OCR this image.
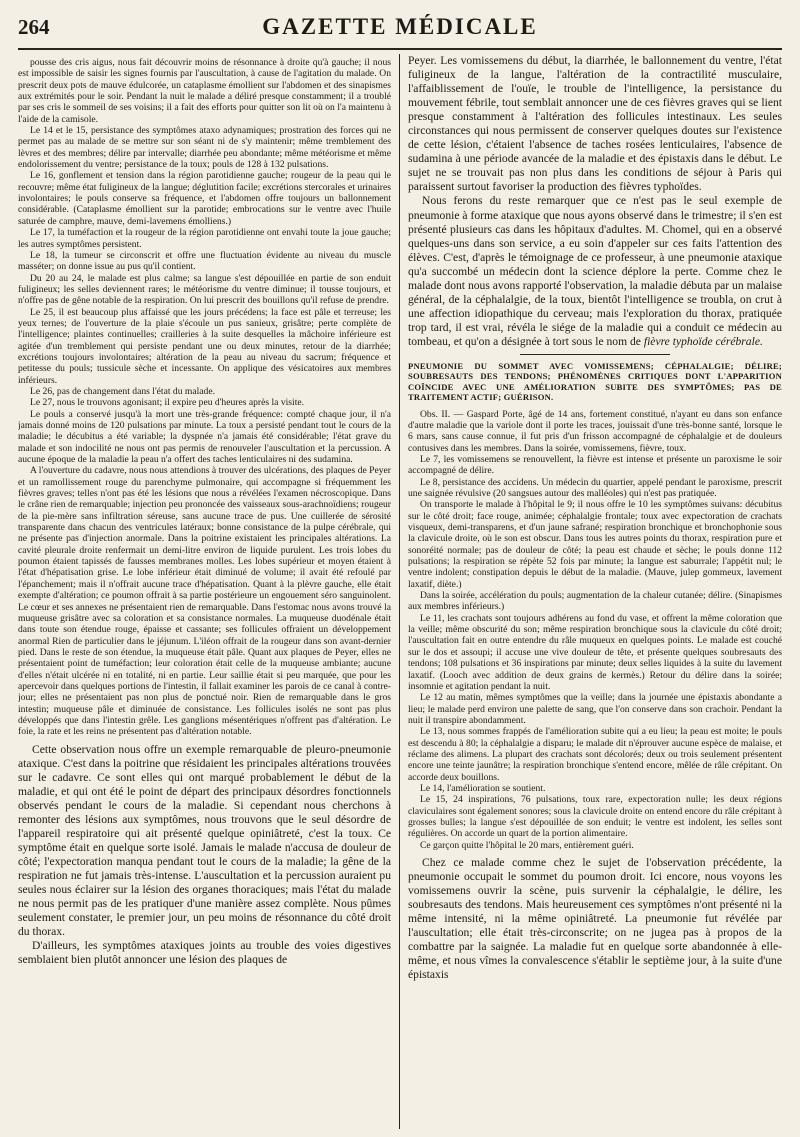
264	GAZETTE MÉDICALE

pousse des cris aigus, nous fait découvrir moins de résonnance à droite qu'à gauche; il nous est impossible de saisir les signes fournis par l'auscultation, à cause de l'agitation du malade. On prescrit deux pots de mauve édulcorée, un cataplasme émollient sur l'abdomen et des sinapismes aux extrémités pour le soir. Pendant la nuit le malade a déliré presque constamment; il a troublé par ses cris le sommeil de ses voisins; il a fait des efforts pour quitter son lit où on l'a maintenu à l'aide de la camisole.

Le 14 et le 15, persistance des symptômes ataxo adynamiques; prostration des forces qui ne permet pas au malade de se mettre sur son séant ni de s'y maintenir; même tremblement des lèvres et des membres; délire par intervalle; diarrhée peu abondante; même météorisme et même endolorissement du ventre; persistance de la toux; pouls de 128 à 132 pulsations.

Le 16, gonflement et tension dans la région parotidienne gauche; rougeur de la peau qui le recouvre; même état fuligineux de la langue; déglutition facile; excrétions stercorales et urinaires involontaires; le pouls conserve sa fréquence, et l'abdomen offre toujours un ballonnement considérable. (Cataplasme émollient sur la parotide; embrocations sur le ventre avec l'huile saturée de camphre, mauve, demi-lavemens émolliens.)

Le 17, la tuméfaction et la rougeur de la région parotidienne ont envahi toute la joue gauche; les autres symptômes persistent.

Le 18, la tumeur se circonscrit et offre une fluctuation évidente au niveau du muscle masséter; on donne issue au pus qu'il contient.

Du 20 au 24, le malade est plus calme; sa langue s'est dépouillée en partie de son enduit fuligineux; les selles deviennent rares; le météorisme du ventre diminue; il tousse toujours, et n'offre pas de gêne notable de la respiration. On lui prescrit des bouillons qu'il refuse de prendre.

Le 25, il est beaucoup plus affaissé que les jours précédens; la face est pâle et terreuse; les yeux ternes; de l'ouverture de la plaie s'écoule un pus sanieux, grisâtre; perte complète de l'intelligence; plaintes continuelles; crailleries à la suite desquelles la mâchoire inférieure est agitée d'un tremblement qui persiste pendant une ou deux minutes, retour de la diarrhée; excrétions toujours involontaires; altération de la peau au niveau du sacrum; fréquence et petitesse du pouls; tussicule sèche et incessante. On applique des vésicatoires aux membres inférieurs.

Le 26, pas de changement dans l'état du malade.

Le 27, nous le trouvons agonisant; il expire peu d'heures après la visite.

Le pouls a conservé jusqu'à la mort une très-grande fréquence: compté chaque jour, il n'a jamais donné moins de 120 pulsations par minute. La toux a persisté pendant tout le cours de la maladie; le décubitus a été variable; la dyspnée n'a jamais été considérable; l'état grave du malade et son indocilité ne nous ont pas permis de renouveler l'auscultation et la percussion. A aucune époque de la maladie la peau n'a offert des taches lenticulaires ni des sudamina.

A l'ouverture du cadavre, nous nous attendions à trouver des ulcérations, des plaques de Peyer et un ramollissement rouge du parenchyme pulmonaire, qui accompagne si fréquemment les fièvres graves; telles n'ont pas été les lésions que nous a révélées l'examen nécroscopique. Dans le crâne rien de remarquable; injection peu prononcée des vaisseaux sous-arachnoïdiens; rougeur de la pie-mère sans infiltration séreuse, sans aucune trace de pus. Une cuillerée de sérosité transparente dans chacun des ventricules latéraux; bonne consistance de la pulpe cérébrale, qui ne présente pas d'injection anormale. Dans la poitrine existaient les principales altérations. La cavité pleurale droite renfermait un demi-litre environ de liquide purulent. Les trois lobes du poumon étaient tapissés de fausses membranes molles. Les lobes supérieur et moyen étaient à l'état d'hépatisation grise. Le lobe inférieur était diminué de volume; il avait été refoulé par l'épanchement; mais il n'offrait aucune trace d'hépatisation. Quant à la plèvre gauche, elle était exempte d'altération; ce poumon offrait à sa partie postérieure un engouement séro sanguinolent. Le cœur et ses annexes ne présentaient rien de remarquable. Dans l'estomac nous avons trouvé la muqueuse grisâtre avec sa coloration et sa consistance normales. La muqueuse duodénale était dans toute son étendue rouge, épaisse et cassante; ses follicules offraient un développement anormal Rien de particulier dans le jéjunum. L'iléon offrait de la rougeur dans son avant-dernier pied. Dans le reste de son étendue, la muqueuse était pâle. Quant aux plaques de Peyer, elles ne présentaient point de tuméfaction; leur coloration était celle de la muqueuse ambiante; aucune d'elles n'était ulcérée ni en totalité, ni en partie. Leur saillie était si peu marquée, que pour les apercevoir dans quelques portions de l'intestin, il fallait examiner les parois de ce canal à contre-jour; elles ne présentaient pas non plus de ponctué noir. Rien de remarquable dans le gros intestin; muqueuse pâle et diminuée de consistance. Les follicules isolés ne sont pas plus développés que dans l'intestin grêle. Les ganglions mésentériques n'offrent pas d'altération. Le foie, la rate et les reins ne présentent pas d'altération notable.

Cette observation nous offre un exemple remarquable de pleuro-pneumonie ataxique. C'est dans la poitrine que résidaient les principales altérations trouvées sur le cadavre. Ce sont elles qui ont marqué probablement le début de la maladie, et qui ont été le point de départ des principaux désordres fonctionnels observés pendant le cours de la maladie. Si cependant nous cherchons à remonter des lésions aux symptômes, nous trouvons que le seul désordre de l'appareil respiratoire qui ait présenté quelque opiniâtreté, c'est la toux. Ce symptôme était en quelque sorte isolé. Jamais le malade n'accusa de douleur de côté; l'expectoration manqua pendant tout le cours de la maladie; la gêne de la respiration ne fut jamais très-intense. L'auscultation et la percussion auraient pu seules nous éclairer sur la lésion des organes thoraciques; mais l'état du malade ne nous permit pas de les pratiquer d'une manière assez complète. Nous pûmes seulement constater, le premier jour, un peu moins de résonnance du côté droit du thorax.

D'ailleurs, les symptômes ataxiques joints au trouble des voies digestives semblaient bien plutôt annoncer une lésion des plaques de

Peyer. Les vomissemens du début, la diarrhée, le ballonnement du ventre, l'état fuligineux de la langue, l'altération de la contractilité musculaire, l'affaiblissement de l'ouïe, le trouble de l'intelligence, la persistance du mouvement fébrile, tout semblait annoncer une de ces fièvres graves qui se lient presque constamment à l'altération des follicules intestinaux. Les seules circonstances qui nous permissent de conserver quelques doutes sur l'existence de cette lésion, c'étaient l'absence de taches rosées lenticulaires, l'absence de sudamina à une période avancée de la maladie et des épistaxis dans le début. Le sujet ne se trouvait pas non plus dans les conditions de séjour à Paris qui paraissent surtout favoriser la production des fièvres typhoïdes.

Nous ferons du reste remarquer que ce n'est pas le seul exemple de pneumonie à forme ataxique que nous ayons observé dans le trimestre; il s'en est présenté plusieurs cas dans les hôpitaux d'adultes. M. Chomel, qui en a observé quelques-uns dans son service, a eu soin d'appeler sur ces faits l'attention des élèves. C'est, d'après le témoignage de ce professeur, à une pneumonie ataxique qu'a succombé un médecin dont la science déplore la perte. Comme chez le malade dont nous avons rapporté l'observation, la maladie débuta par un malaise général, de la céphalalgie, de la toux, bientôt l'intelligence se troubla, on crut à une affection idiopathique du cerveau; mais l'exploration du thorax, pratiquée trop tard, il est vrai, révéla le siége de la maladie qui a conduit ce médecin au tombeau, et qu'on a désignée à tort sous le nom de fièvre typhoïde cérébrale.

PNEUMONIE DU SOMMET AVEC VOMISSEMENS; CÉPHALALGIE; DÉLIRE; SOUBRESAUTS DES TENDONS; PHÉNOMÈNES CRITIQUES DONT L'APPARITION COÏNCIDE AVEC UNE AMÉLIORATION SUBITE DES SYMPTÔMES; PAS DE TRAITEMENT ACTIF; GUÉRISON.

Obs. II. — Gaspard Porte, âgé de 14 ans, fortement constitué, n'ayant eu dans son enfance d'autre maladie que la variole dont il porte les traces, jouissait d'une très-bonne santé, lorsque le 6 mars, sans cause connue, il fut pris d'un frisson accompagné de céphalalgie et de douleurs contusives dans les membres. Dans la soirée, vomissemens, fièvre, toux.

Le 7, les vomissemens se renouvellent, la fièvre est intense et présente un paroxisme le soir accompagné de délire.

Le 8, persistance des accidens. Un médecin du quartier, appelé pendant le paroxisme, prescrit une saignée révulsive (20 sangsues autour des malléoles) qui n'est pas pratiquée.

On transporte le malade à l'hôpital le 9; il nous offre le 10 les symptômes suivans: décubitus sur le côté droit; face rouge, animée; céphalalgie frontale; toux avec expectoration de crachats visqueux, demi-transparens, et d'un jaune safrané; respiration bronchique et bronchophonie sous la clavicule droite, où le son est obscur. Dans tous les autres points du thorax, respiration pure et sonoréité normale; pas de douleur de côté; la peau est chaude et sèche; le pouls donne 112 pulsations; la respiration se répète 52 fois par minute; la langue est saburrale; l'appétit nul; le ventre indolent; constipation depuis le début de la maladie. (Mauve, julep gommeux, lavement laxatif, diète.)

Dans la soirée, accélération du pouls; augmentation de la chaleur cutanée; délire. (Sinapismes aux membres inférieurs.)

Le 11, les crachats sont toujours adhérens au fond du vase, et offrent la même coloration que la veille; même obscurité du son; même respiration bronchique sous la clavicule du côté droit; l'auscultation fait en outre entendre du râle muqueux en quelques points. Le malade est couché sur le dos et assoupi; il accuse une vive douleur de tête, et présente quelques soubresauts des tendons; 108 pulsations et 36 inspirations par minute; deux selles liquides à la suite du lavement laxatif. (Looch avec addition de deux grains de kermès.) Retour du délire dans la soirée; insomnie et agitation pendant la nuit.

Le 12 au matin, mêmes symptômes que la veille; dans la journée une épistaxis abondante a lieu; le malade perd environ une palette de sang, que l'on conserve dans son crachoir. Pendant la nuit il transpire abondamment.

Le 13, nous sommes frappés de l'amélioration subite qui a eu lieu; la peau est moite; le pouls est descendu à 80; la céphalalgie a disparu; le malade dit n'éprouver aucune espèce de malaise, et réclame des alimens. La plupart des crachats sont décolorés; deux ou trois seulement présentent encore une teinte jaunâtre; la respiration bronchique s'entend encore, mêlée de râle crépitant. On accorde deux bouillons.

Le 14, l'amélioration se soutient.

Le 15, 24 inspirations, 76 pulsations, toux rare, expectoration nulle; les deux régions claviculaires sont également sonores; sous la clavicule droite on entend encore du râle crépitant à grosses bulles; la langue s'est dépouillée de son enduit; le ventre est indolent, les selles sont régulières. On accorde un quart de la portion alimentaire.

Ce garçon quitte l'hôpital le 20 mars, entièrement guéri.

Chez ce malade comme chez le sujet de l'observation précédente, la pneumonie occupait le sommet du poumon droit. Ici encore, nous voyons les vomissemens ouvrir la scène, puis survenir la céphalalgie, le délire, les soubresauts des tendons. Mais heureusement ces symptômes n'ont présenté ni la même intensité, ni la même opiniâtreté. La pneumonie fut révélée par l'auscultation; elle était très-circonscrite; on ne jugea pas à propos de la combattre par la saignée. La maladie fut en quelque sorte abandonnée à elle-même, et nous vîmes la convalescence s'établir le septième jour, à la suite d'une épistaxis
